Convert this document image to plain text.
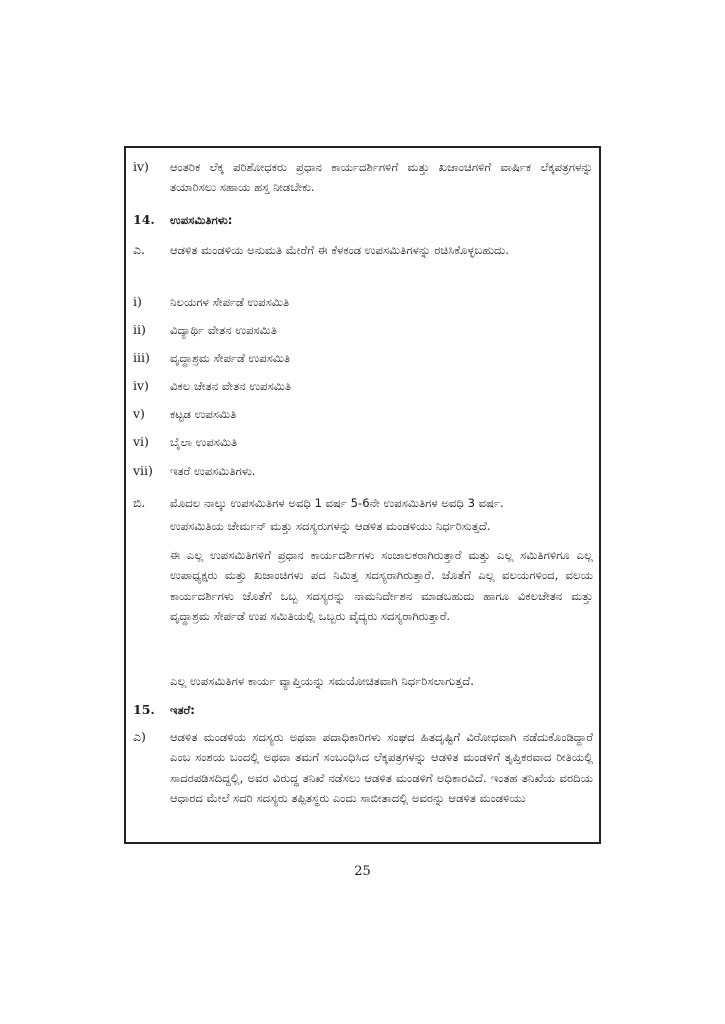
iv) ಆಂತರಿಕ ಲೆಕ್ಕ ಪರಿಶೋಧಕರು ಪ್ರಧಾನ ಕಾರ್ಯದರ್ಶಿಗಳಿಗೆ ಮತ್ತು ಖಜಾಂಚಿಗಳಿಗೆ ವಾರ್ಷಿಕ ಲೆಕ್ಕಪತ್ರಗಳನ್ನು ತಯಾರಿಸಲು ಸಹಾಯ ಹಸ್ತ ನೀಡಬೇಕು.
14. ಉಪಸಮಿತಿಗಳು:
ಎ. ಆಡಳಿತ ಮಂಡಳಿಯ ಅನುಮತಿ ಮೇರೆಗೆ ಈ ಕೆಳಕಂಡ ಉಪಸಮಿತಿಗಳನ್ನು ರಚಿಸಿಕೊಳ್ಳಬಹುದು.
i) ನಿಲಯಗಳ ಸೇರ್ಪಡೆ ಉಪಸಮಿತಿ
ii) ವಿದ್ಯಾರ್ಥಿ ವೇತನ ಉಪಸಮಿತಿ
iii) ವೃದ್ಧಾಶ್ರಮ ಸೇರ್ಪಡೆ ಉಪಸಮಿತಿ
iv) ವಿಕಲ ಚೇತನ ವೇತನ ಉಪಸಮಿತಿ
v) ಕಟ್ಟಡ ಉಪಸಮಿತಿ
vi) ಬೈಲಾ ಉಪಸಮಿತಿ
vii) ಇತರೆ ಉಪಸಮಿತಿಗಳು.
ಬಿ. ಮೊದಲ ನಾಲ್ಕು ಉಪಸಮಿತಿಗಳ ಅವಧಿ 1 ವರ್ಷ 5-6ನೇ ಉಪಸಮಿತಿಗಳ ಅವಧಿ 3 ವರ್ಷ.
ಉಪಸಮಿತಿಯ ಚೇರ್ಮನ್ ಮತ್ತು ಸದಸ್ಯರುಗಳನ್ನು ಆಡಳಿತ ಮಂಡಳಿಯು ನಿರ್ಧರಿಸುತ್ತದೆ.
ಈ ಎಲ್ಲ ಉಪಸಮಿತಿಗಳಿಗೆ ಪ್ರಧಾನ ಕಾರ್ಯದರ್ಶಿಗಳು ಸಂಚಾಲಕರಾಗಿರುತ್ತಾರೆ ಮತ್ತು ಎಲ್ಲ ಸಮಿತಿಗಳಿಗೂ ಎಲ್ಲ ಉಪಾಧ್ಯಕ್ಷರು ಮತ್ತು ಖಜಾಂಚಿಗಳು ಪದ ನಿಮಿತ್ತ ಸದಸ್ಯರಾಗಿರುತ್ತಾರೆ. ಜೊತೆಗೆ ಎಲ್ಲ ವಲಯಗಳಿಂದ, ವಲಯ ಕಾರ್ಯದರ್ಶಿಗಳು ಜೊತೆಗೆ ಒಬ್ಬ ಸದಸ್ಯರನ್ನು ನಾಮನಿರ್ದೇಶನ ಮಾಡಬಹುದು ಹಾಗೂ ವಿಕಲಚೇತನ ಮತ್ತು ವೃದ್ಧಾಶ್ರಮ ಸೇರ್ಪಡೆ ಉಪ ಸಮಿತಿಯಲ್ಲಿ ಒಬ್ಬರು ವೈದ್ಯರು ಸದಸ್ಯರಾಗಿರುತ್ತಾರೆ.
ಎಲ್ಲ ಉಪಸಮಿತಿಗಳ ಕಾರ್ಯ ವ್ಯಾಪ್ತಿಯನ್ನು ಸಮಯೋಚಿತವಾಗಿ ನಿರ್ಧರಿಸಲಾಗುತ್ತದೆ.
15. ಇತರೆ:
ಎ) ಆಡಳಿತ ಮಂಡಳಿಯ ಸದಸ್ಯರು ಅಥವಾ ಪದಾಧಿಕಾರಿಗಳು ಸಂಘದ ಹಿತದೃಷ್ಟಿಗೆ ವಿರೋಧವಾಗಿ ನಡೆದುಕೊಂಡಿದ್ದಾರೆ ಎಂಬ ಸಂಶಯ ಬಂದಲ್ಲಿ ಅಥವಾ ತಮಗೆ ಸಂಬಂಧಿಸಿದ ಲೆಕ್ಕಪತ್ರಗಳನ್ನು ಆಡಳಿತ ಮಂಡಳಿಗೆ ತೃಪ್ತಿಕರವಾದ ರೀತಿಯಲ್ಲಿ ಸಾದರಪಡಿಸದಿದ್ದಲ್ಲಿ, ಅವರ ವಿರುದ್ಧ ತನಿಖೆ ನಡೆಸಲು ಆಡಳಿತ ಮಂಡಳಿಗೆ ಅಧಿಕಾರವಿದೆ. ಇಂತಹ ತನಿಖೆಯ ವರದಿಯ ಆಧಾರದ ಮೇಲೆ ಸದರಿ ಸದಸ್ಯರು ತಪ್ಪಿತಸ್ಥರು ಎಂದು ಸಾಬೀತಾದಲ್ಲಿ ಅವರನ್ನು ಆಡಳಿತ ಮಂಡಳಿಯು
25
